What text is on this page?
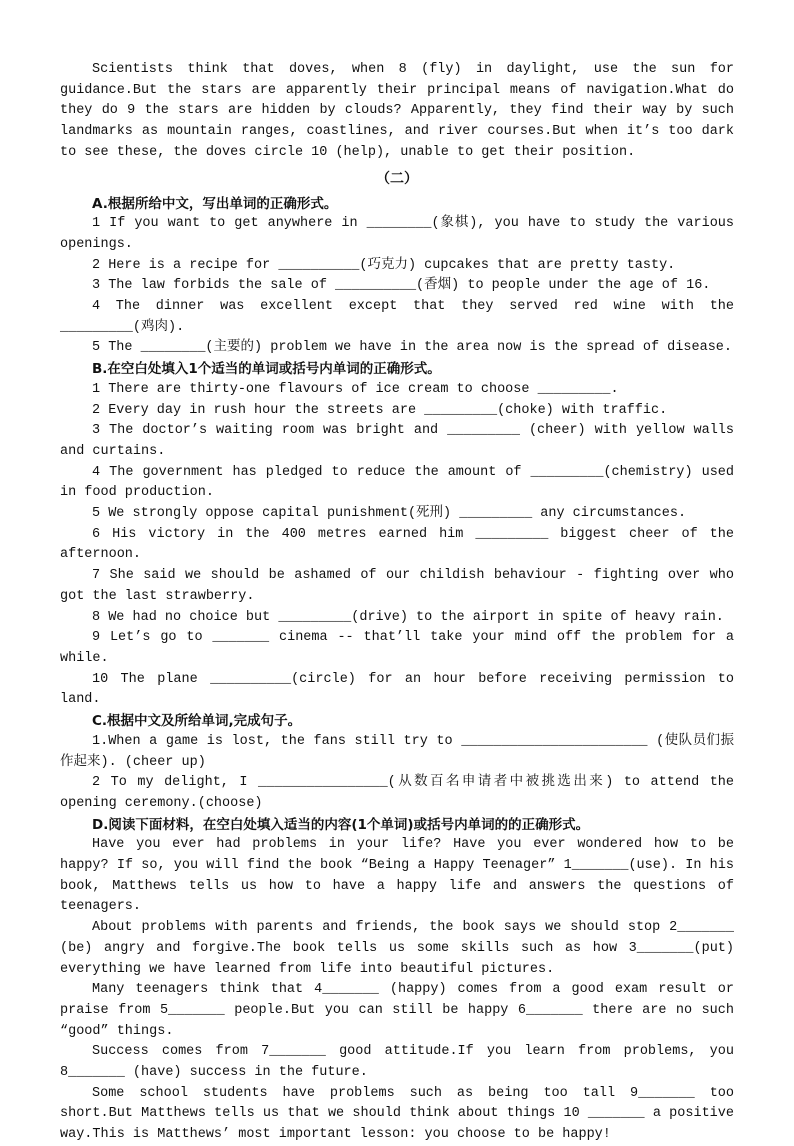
Scientists think that doves, when 8 (fly) in daylight, use the sun for guidance.But the stars are apparently their principal means of navigation.What do they do 9 the stars are hidden by clouds? Apparently, they find their way by such landmarks as mountain ranges, coastlines, and river courses.But when it’s too dark to see these, the doves circle 10 (help), unable to get their position.

（二）

A.根据所给中文，写出单词的正确形式。

1 If you want to get anywhere in ________(象棋), you have to study the various openings.

2 Here is a recipe for __________(巧克力) cupcakes that are pretty tasty.

3 The law forbids the sale of __________(香烟) to people under the age of 16.

4 The dinner was excellent except that they served red wine with the _________(鸡肉).

5 The ________(主要的) problem we have in the area now is the spread of disease.

B.在空白处填入1个适当的单词或括号内单词的正确形式。

1 There are thirty-one flavours of ice cream to choose _________.

2 Every day in rush hour the streets are _________(choke) with traffic.

3 The doctor’s waiting room was bright and _________ (cheer) with yellow walls and curtains.

4 The government has pledged to reduce the amount of _________(chemistry) used in food production.

5 We strongly oppose capital punishment(死刑) _________ any circumstances.

6 His victory in the 400 metres earned him _________ biggest cheer of the afternoon.

7 She said we should be ashamed of our childish behaviour - fighting over who got the last strawberry.

8 We had no choice but _________(drive) to the airport in spite of heavy rain.

9 Let’s go to _______ cinema -- that’ll take your mind off the problem for a while.

10 The plane __________(circle) for an hour before receiving permission to land.

C.根据中文及所给单词,完成句子。

1.When a game is lost, the fans still try to _______________________ (使队员们振作起来). (cheer up)

2 To my delight, I ________________(从数百名申请者中被挑选出来) to attend the opening ceremony.(choose)

D.阅读下面材料，在空白处填入适当的内容(1个单词)或括号内单词的的正确形式。

Have you ever had problems in your life? Have you ever wondered how to be happy? If so, you will find the book “Being a Happy Teenager” 1_______(use). In his book, Matthews tells us how to have a happy life and answers the questions of teenagers.

About problems with parents and friends, the book says we should stop 2_______ (be) angry and forgive.The book tells us some skills such as how 3_______(put) everything we have learned from life into beautiful pictures.

Many teenagers think that 4_______ (happy) comes from a good exam result or praise from 5_______ people.But you can still be happy 6_______ there are no such “good” things.

Success comes from 7_______ good attitude.If you learn from problems, you 8_______ (have) success in the future.

Some school students have problems such as being too tall 9_______ too short.But Matthews tells us that we should think about things 10 _______ a positive way.This is Matthews’ most important lesson: you choose to be happy!
